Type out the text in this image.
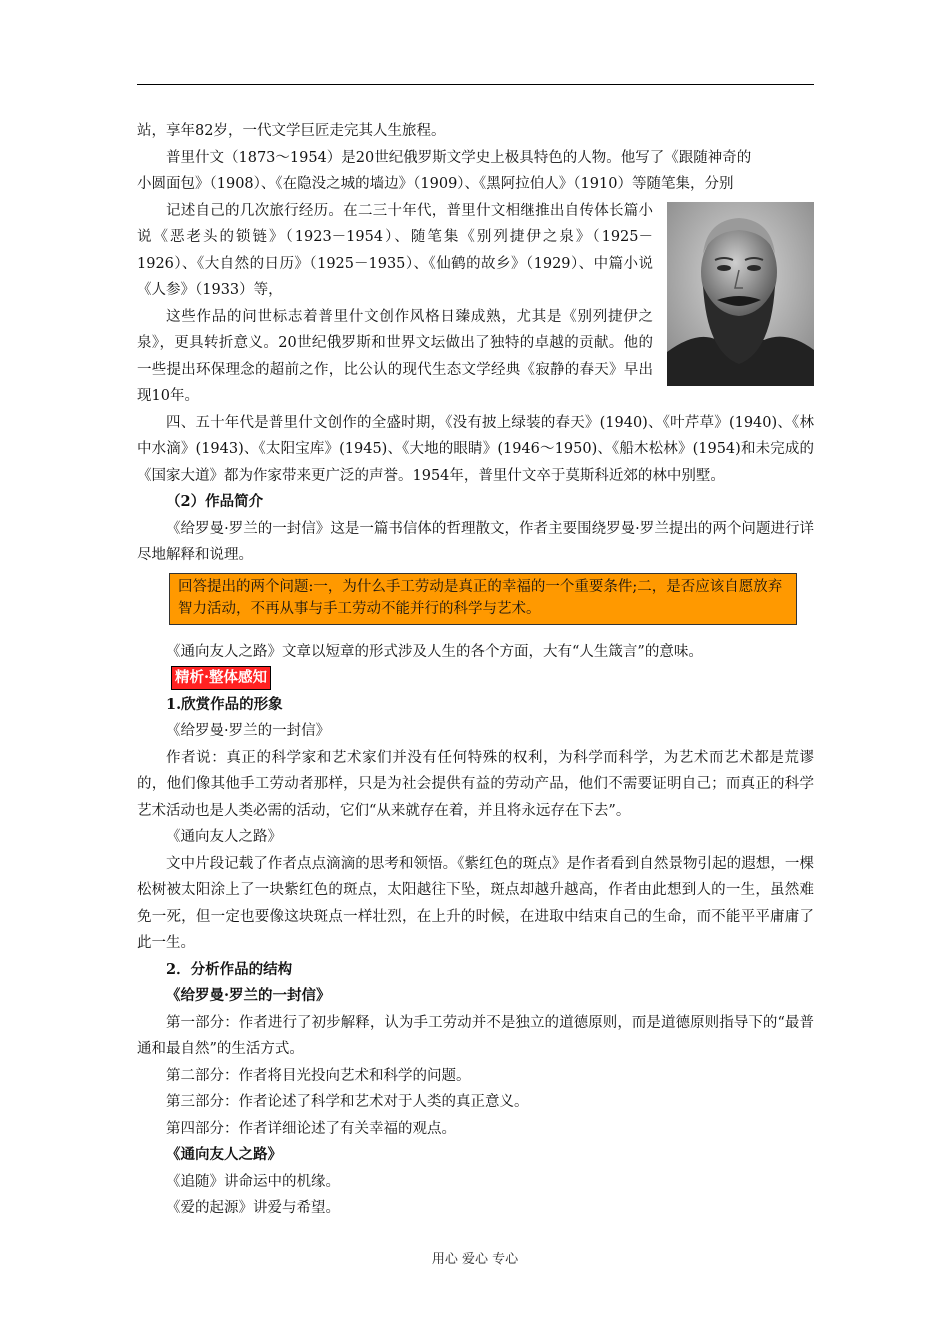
站，享年82岁，一代文学巨匠走完其人生旅程。

普里什文（1873～1954）是20世纪俄罗斯文学史上极具特色的人物。他写了《跟随神奇的

小圆面包》（1908）、《在隐没之城的墙边》（1909）、《黑阿拉伯人》（1910）等随笔集，分别

记述自己的几次旅行经历。在二三十年代，普里什文相继推出自传体长篇小说《恶老头的锁链》（1923－1954）、随笔集《别列捷伊之泉》（1925－1926）、《大自然的日历》（1925－1935）、《仙鹤的故乡》（1929）、中篇小说《人参》（1933）等，

这些作品的问世标志着普里什文创作风格日臻成熟，尤其是《别列捷伊之泉》，更具转折意义。20世纪俄罗斯和世界文坛做出了独特的卓越的贡献。他的一些提出环保理念的超前之作，比公认的现代生态文学经典《寂静的春天》早出现10年。

四、五十年代是普里什文创作的全盛时期，《没有披上绿装的春天》(1940)、《叶芹草》(1940)、《林中水滴》(1943)、《太阳宝库》(1945)、《大地的眼睛》(1946～1950)、《船木松林》(1954)和未完成的《国家大道》都为作家带来更广泛的声誉。1954年，普里什文卒于莫斯科近郊的林中别墅。

（2）作品简介

《给罗曼·罗兰的一封信》这是一篇书信体的哲理散文，作者主要围绕罗曼·罗兰提出的两个问题进行详尽地解释和说理。

回答提出的两个问题:一，为什么手工劳动是真正的幸福的一个重要条件;二，是否应该自愿放弃智力活动，不再从事与手工劳动不能并行的科学与艺术。

《通向友人之路》文章以短章的形式涉及人生的各个方面，大有“人生箴言”的意味。

精析·整体感知

1.欣赏作品的形象

《给罗曼·罗兰的一封信》

作者说：真正的科学家和艺术家们并没有任何特殊的权利，为科学而科学，为艺术而艺术都是荒谬的，他们像其他手工劳动者那样，只是为社会提供有益的劳动产品，他们不需要证明自己；而真正的科学艺术活动也是人类必需的活动，它们“从来就存在着，并且将永远存在下去”。

《通向友人之路》

文中片段记载了作者点点滴滴的思考和领悟。《紫红色的斑点》是作者看到自然景物引起的遐想，一棵松树被太阳涂上了一块紫红色的斑点，太阳越往下坠，斑点却越升越高，作者由此想到人的一生，虽然难免一死，但一定也要像这块斑点一样壮烈，在上升的时候，在进取中结束自己的生命，而不能平平庸庸了此一生。

2．分析作品的结构

《给罗曼·罗兰的一封信》

第一部分：作者进行了初步解释，认为手工劳动并不是独立的道德原则，而是道德原则指导下的“最普通和最自然”的生活方式。

第二部分：作者将目光投向艺术和科学的问题。

第三部分：作者论述了科学和艺术对于人类的真正意义。

第四部分：作者详细论述了有关幸福的观点。

《通向友人之路》

《追随》讲命运中的机缘。

《爱的起源》讲爱与希望。

用心 爱心 专心
